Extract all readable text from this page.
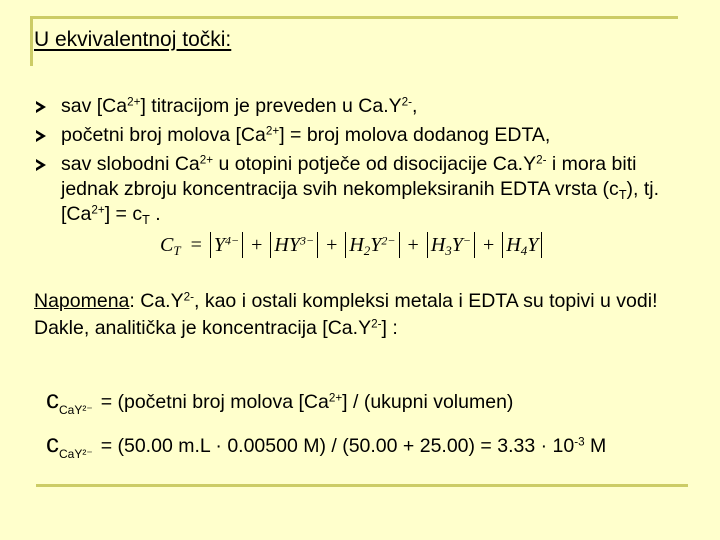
U ekvivalentnoj točki:
sav $[Ca^{2+}]$ titracijom je preveden u $Ca.Y^{2-}$,
početni broj molova $[Ca^{2+}]$ = broj molova dodanog EDTA,
sav slobodni $Ca^{2+}$ u otopini potječe od disocijacije $Ca.Y^{2-}$ i mora biti jednak zbroju koncentracija svih nekompleksiranih EDTA vrsta $(c_T)$, tj. $[Ca^{2+}] = c_T$ .
$C_T = Y^{4-} + HY^{3-} + H_2Y^{2-} + H_3Y^- + H_4Y$
Napomena: $Ca.Y^{2-}$, kao i ostali kompleksi metala i EDTA su topivi u vodi!
Dakle, analitička je koncentracija $[Ca.Y^{2-}]$ :
$c_{CaY^{2-}}$ = (početni broj molova $[Ca^{2+}]$ / (ukupni volumen)
$c_{CaY^{2-}} = (50.00$ m.L · 0.00500 $M) / (50.00 + 25.00) = 3.33 \cdot 10^{-3}$ M
